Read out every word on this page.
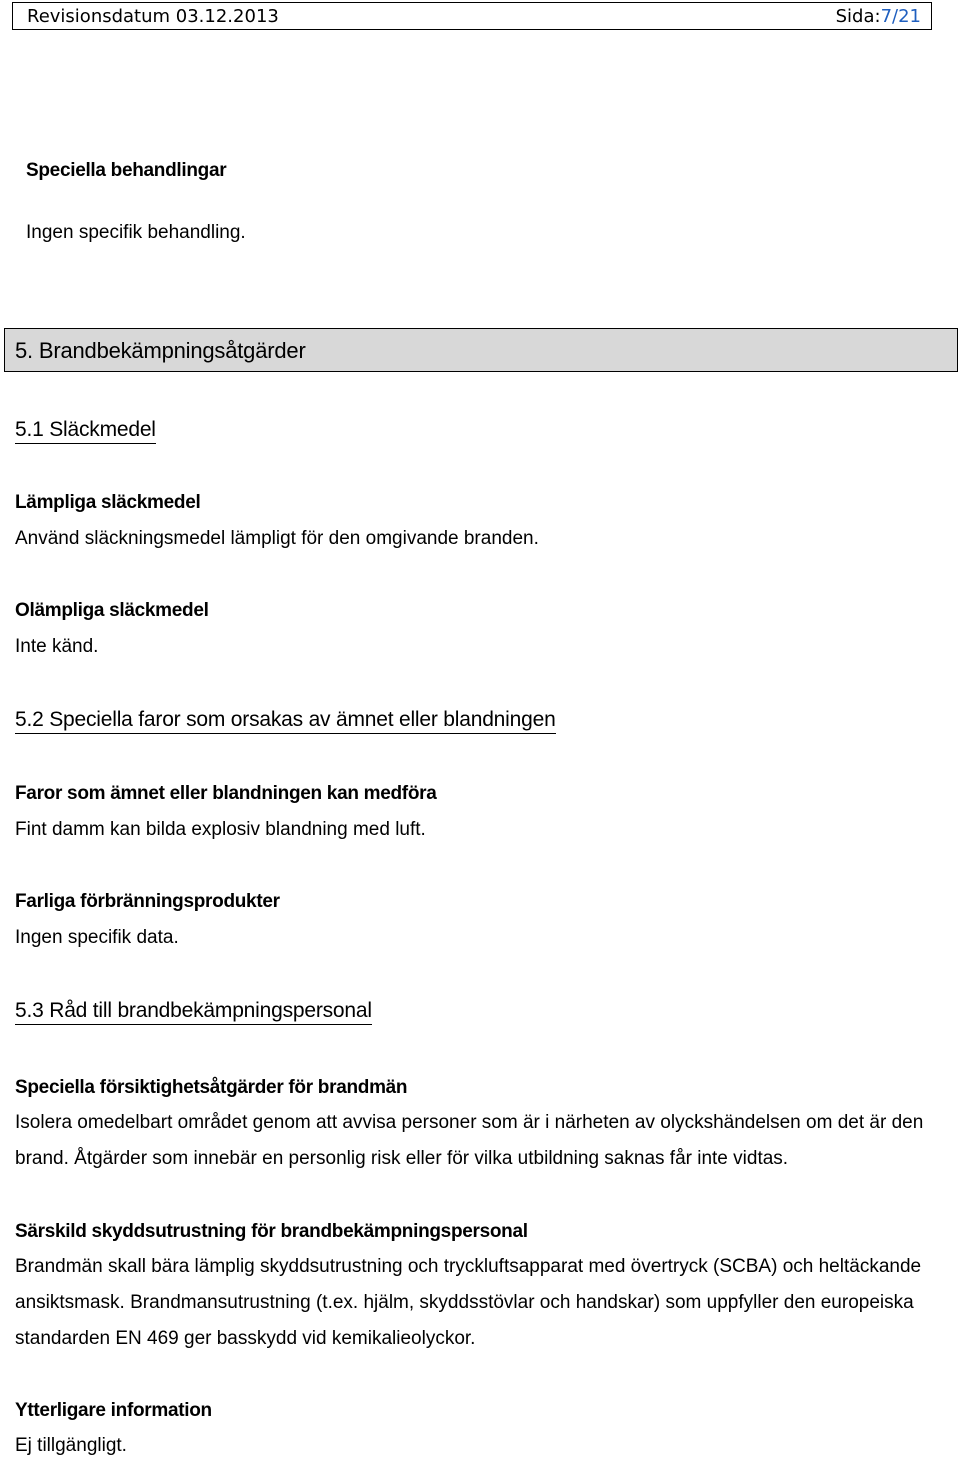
Revisionsdatum 03.12.2013	Sida:7/21
Speciella behandlingar
Ingen specifik behandling.
5. Brandbekämpningsåtgärder
5.1 Släckmedel
Lämpliga släckmedel
Använd släckningsmedel lämpligt för den omgivande branden.
Olämpliga släckmedel
Inte känd.
5.2 Speciella faror som orsakas av ämnet eller blandningen
Faror som ämnet eller blandningen kan medföra
Fint damm kan bilda explosiv blandning med luft.
Farliga förbränningsprodukter
Ingen specifik data.
5.3 Råd till brandbekämpningspersonal
Speciella försiktighetsåtgärder för brandmän
Isolera omedelbart området genom att avvisa personer som är i närheten av olyckshändelsen om det är den brand. Åtgärder som innebär en personlig risk eller för vilka utbildning saknas får inte vidtas.
Särskild skyddsutrustning för brandbekämpningspersonal
Brandmän skall bära lämplig skyddsutrustning och tryckluftsapparat med övertryck (SCBA) och heltäckande ansiktsmask. Brandmansutrustning (t.ex. hjälm, skyddsstövlar och handskar) som uppfyller den europeiska standarden EN 469 ger basskydd vid kemikalieolyckor.
Ytterligare information
Ej tillgängligt.
